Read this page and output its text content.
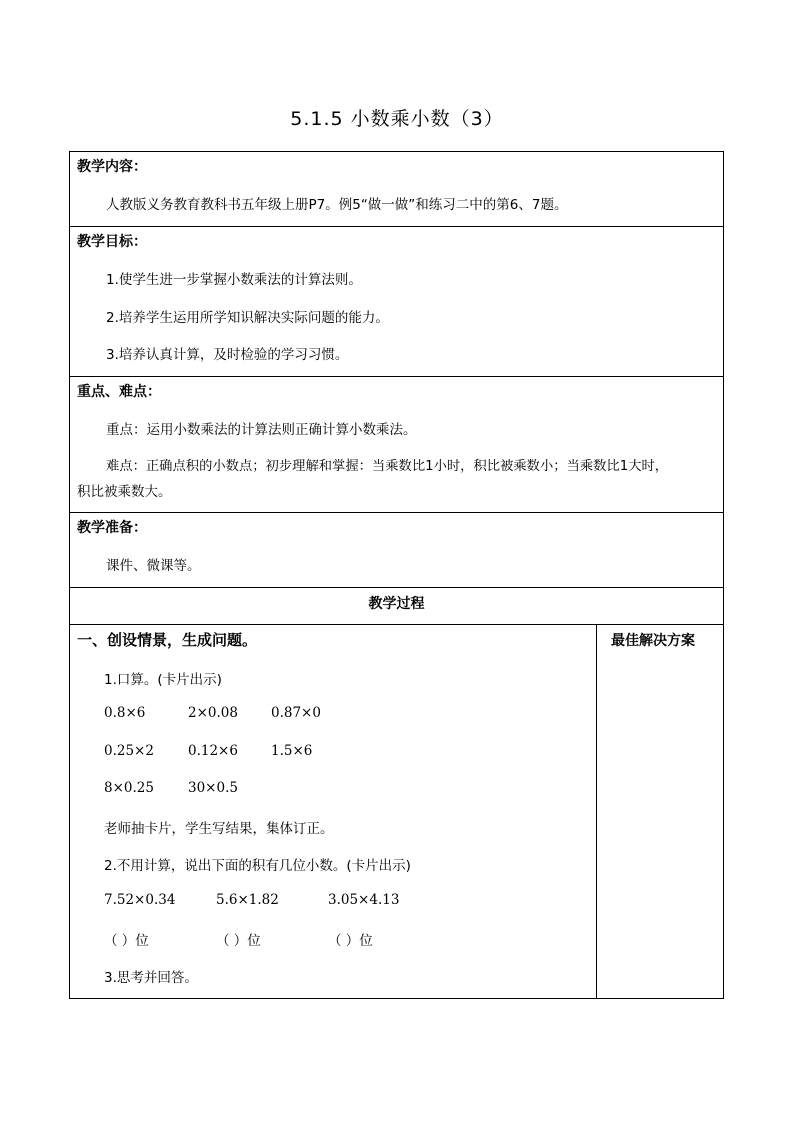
5.1.5 小数乘小数（3）
教学内容：
人教版义务教育教科书五年级上册P7。例5“做一做”和练习二中的第6、7题。
教学目标：
1.使学生进一步掌握小数乘法的计算法则。
2.培养学生运用所学知识解决实际问题的能力。
3.培养认真计算，及时检验的学习习惯。
重点、难点：
重点：运用小数乘法的计算法则正确计算小数乘法。
难点：正确点积的小数点；初步理解和掌握：当乘数比1小时，积比被乘数小；当乘数比1大时，
积比被乘数大。
教学准备：
课件、微课等。
教学过程
最佳解决方案
一、创设情景，生成问题。
1.口算。(卡片出示)
0.8×6	2×0.08 0.87×0
0.25×2	0.12×6 1.5×6
8×0.25	30×0.5
老师抽卡片，学生写结果，集体订正。
2.不用计算，说出下面的积有几位小数。(卡片出示)
7.52×0.34	5.6×1.82	3.05×4.13
（ ）位	（ ）位	（ ）位
3.思考并回答。
